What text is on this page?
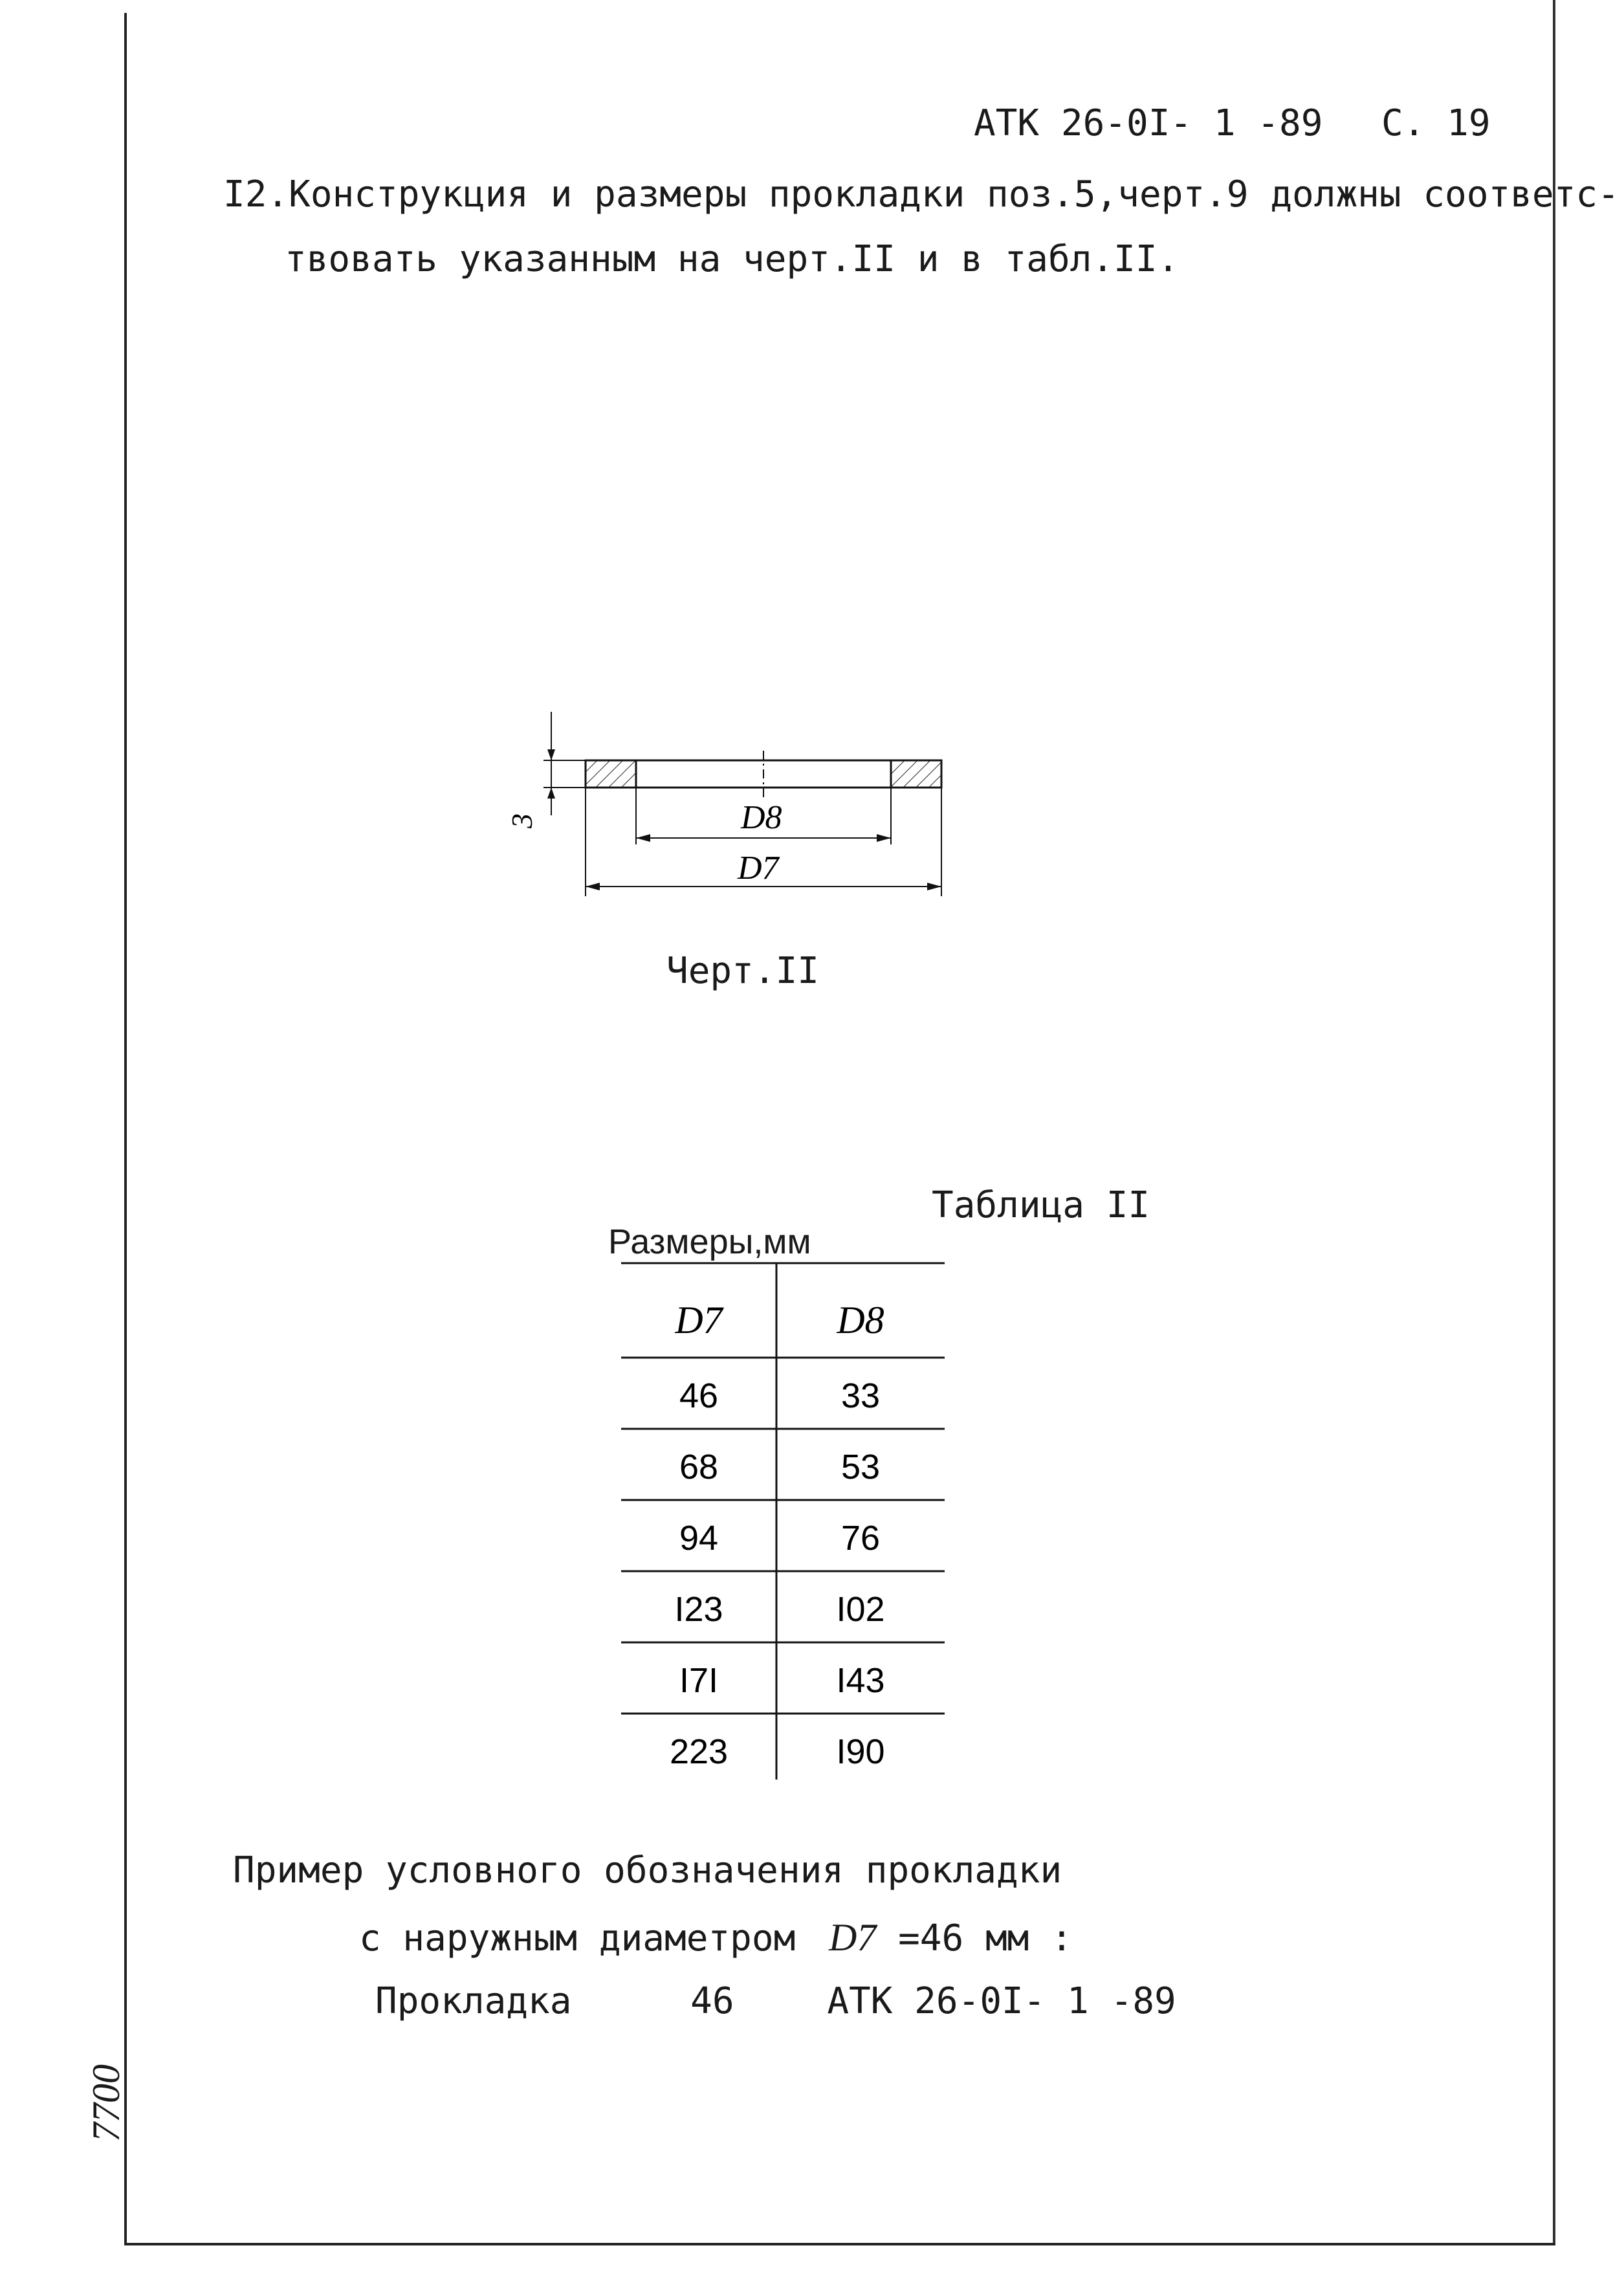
АТК 26-0I- 1 -89 С. 19
I2.Конструкция и размеры прокладки поз.5,черт.9 должны соответс-
твовать указанным на черт.II и в табл.II.
3	D8
D7
Черт.II
Таблица II
Размеры,мм
D7	D8
46	33
68	53
94	76
I23	I02
I7I	I43
223	I90
Пример условного обозначения прокладки
с наружным диаметром D7 =46 мм :
Прокладка	46	АТК 26-0I- 1 -89
7700
